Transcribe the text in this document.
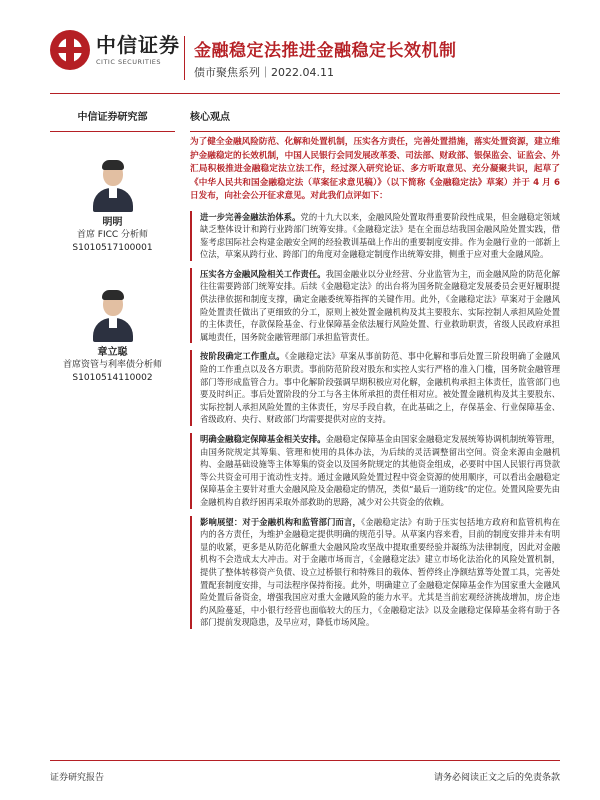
中信证券
CITIC SECURITIES
金融稳定法推进金融稳定长效机制
债市聚焦系列｜2022.04.11
中信证券研究部
明明
首席 FICC 分析师
S1010517100001
章立聪
首席资管与利率债分析师
S1010514110002
核心观点
为了健全金融风险防范、化解和处置机制，压实各方责任，完善处置措施，落实处置资源，建立维护金融稳定的长效机制，中国人民银行会同发展改革委、司法部、财政部、银保监会、证监会、外汇局积极推进金融稳定法立法工作，经过深入研究论证、多方听取意见、充分凝聚共识，起草了《中华人民共和国金融稳定法（草案征求意见稿）》（以下简称《金融稳定法》草案）并于 4 月 6 日发布，向社会公开征求意见。对此我们点评如下：
进一步完善金融法治体系。党的十九大以来，金融风险处置取得重要阶段性成果，但金融稳定领域缺乏整体设计和跨行业跨部门统筹安排。《金融稳定法》是在全面总结我国金融风险处置实践，借鉴考虑国际社会构建金融安全网的经验教训基础上作出的重要制度安排。作为金融行业的一部新上位法，草案从跨行业、跨部门的角度对金融稳定制度作出统筹安排，侧重于应对重大金融风险。
压实各方金融风险相关工作责任。我国金融业以分业经营、分业监管为主，而金融风险的防范化解往往需要跨部门统筹安排。后续《金融稳定法》的出台将为国务院金融稳定发展委员会更好履职提供法律依据和制度支撑，确定金融委统筹指挥的关键作用。此外，《金融稳定法》草案对于金融风险处置责任做出了更细致的分工，原则上被处置金融机构及其主要股东、实际控制人承担风险处置的主体责任，存款保险基金、行业保障基金依法履行风险处置、行业救助职责，省级人民政府承担属地责任，国务院金融管理部门承担监管责任。
按阶段确定工作重点。《金融稳定法》草案从事前防范、事中化解和事后处置三阶段明确了金融风险的工作重点以及各方职责。事前防范阶段对股东和实控人实行严格的准入门槛，国务院金融管理部门等形成监管合力。事中化解阶段强调早期积极应对化解，金融机构承担主体责任，监管部门也要及时纠正。事后处置阶段的分工与各主体所承担的责任相对应。被处置金融机构及其主要股东、实际控制人承担风险处置的主体责任，穷尽手段自救，在此基础之上，存保基金、行业保障基金、省级政府、央行、财政部门均需要提供对应的支持。
明确金融稳定保障基金相关安排。金融稳定保障基金由国家金融稳定发展统筹协调机制统筹管理，由国务院规定其筹集、管理和使用的具体办法，为后续的灵活调整留出空间。资金来源由金融机构、金融基础设施等主体筹集的资金以及国务院规定的其他资金组成，必要时中国人民银行再贷款等公共资金可用于流动性支持。通过金融风险处置过程中资金资源的使用顺序，可以看出金融稳定保障基金主要针对重大金融风险及金融稳定的情况，类似“最后一道防线”的定位。处置风险要先由金融机构自救纾困再采取外部救助的思路，减少对公共资金的依赖。
影响展望：对于金融机构和监管部门而言，《金融稳定法》有助于压实包括地方政府和监管机构在内的各方责任，为维护金融稳定提供明确的规范引导。从草案内容来看，目前的制度安排并未有明显的收紧，更多是从防范化解重大金融风险攻坚战中提取重要经验并凝练为法律制度，因此对金融机构不会造成太大冲击。对于金融市场而言，《金融稳定法》建立市场化法治化的风险处置机制，提供了整体转移资产负债、设立过桥银行和特殊目的载体、暂停终止净额结算等处置工具，完善处置配套制度安排，与司法程序保持衔接。此外，明确建立了金融稳定保障基金作为国家重大金融风险处置后备资金，增强我国应对重大金融风险的能力水平。尤其是当前宏观经济挑战增加，房企违约风险蔓延，中小银行经营也面临较大的压力，《金融稳定法》以及金融稳定保障基金将有助于各部门提前发现隐患，及早应对，降低市场风险。
证券研究报告	请务必阅读正文之后的免责条款
